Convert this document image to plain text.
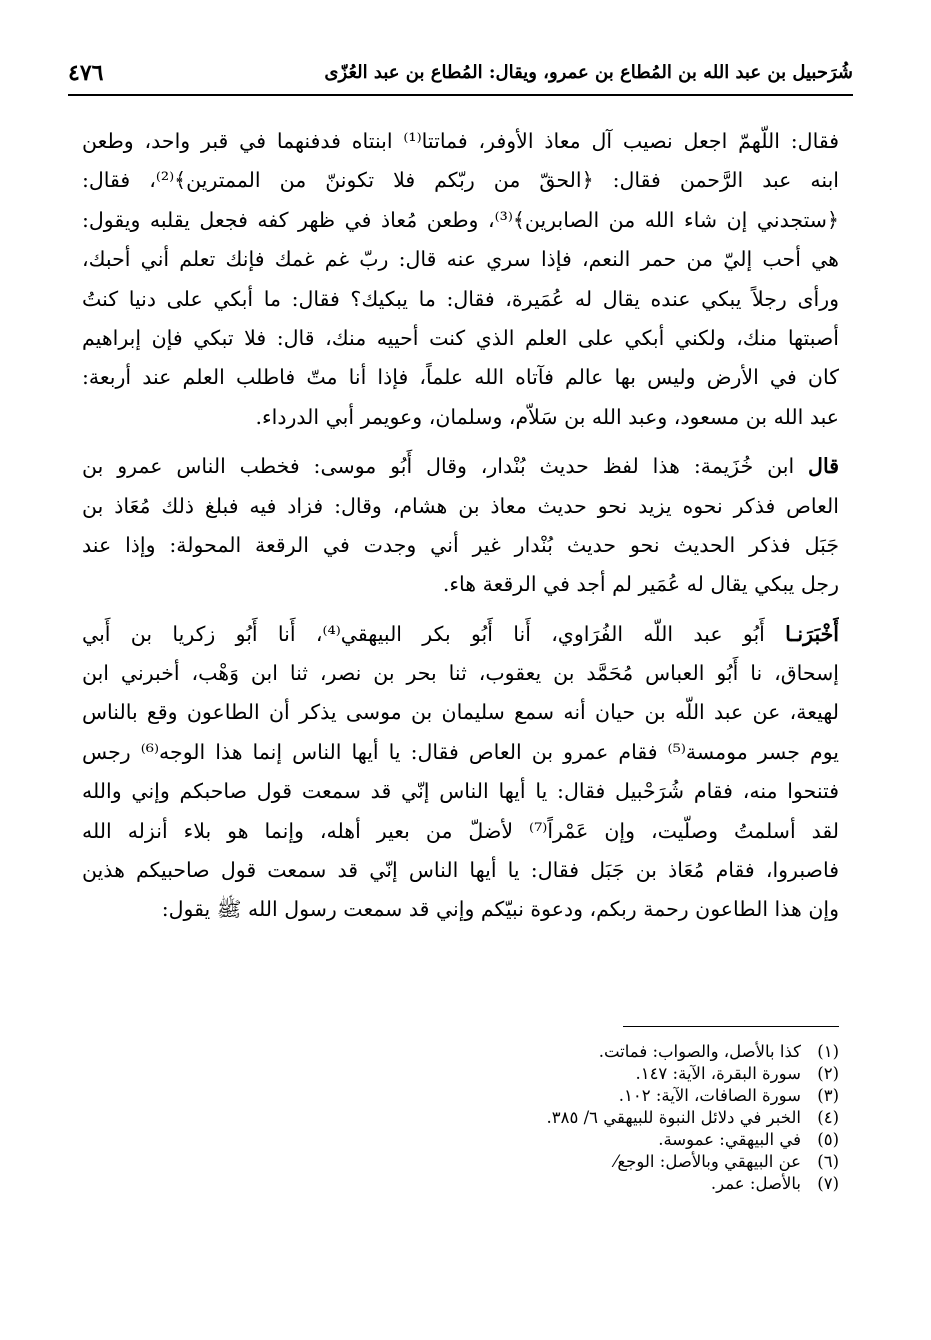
شُرَحبيل بن عبد الله بن المُطاع بن عمرو، ويقال: المُطاع بن عبد العُزّى
٤٧٦
فقال: اللّهمّ اجعل نصيب آل معاذ الأوفر، فماتتا⁽¹⁾ ابنتاه فدفنهما في قبر واحد، وطعن
ابنه عبد الرَّحمن فقال: ﴿الحقّ من ربّكم فلا تكوننّ من الممترين﴾⁽²⁾، فقال:
﴿ستجدني إن شاء الله من الصابرين﴾⁽³⁾، وطعن مُعاذ في ظهر كفه فجعل يقلبه ويقول:
هي أحب إليّ من حمر النعم، فإذا سري عنه قال: ربّ غم غمك فإنك تعلم أني أحبك،
ورأى رجلاً يبكي عنده يقال له عُمَيرة، فقال: ما يبكيك؟ فقال: ما أبكي على دنيا كنتُ
أصبتها منك، ولكني أبكي على العلم الذي كنت أحييه منك، قال: فلا تبكي فإن إبراهيم
كان في الأرض وليس بها عالم فآتاه الله علماً، فإذا أنا متّ فاطلب العلم عند أربعة:
عبد الله بن مسعود، وعبد الله بن سَلاّم، وسلمان، وعويمر أبي الدرداء.
قال ابن خُزَيمة: هذا لفظ حديث بُنْدار، وقال أَبُو موسى: فخطب الناس عمرو بن
العاص فذكر نحوه يزيد نحو حديث معاذ بن هشام، وقال: فزاد فيه فبلغ ذلك مُعَاذ بن
جَبَل فذكر الحديث نحو حديث بُنْدار غير أني وجدت في الرقعة المحولة: وإذا عند
رجل يبكي يقال له عُمَير لم أجد في الرقعة هاء.
أَخْبَرَنـا أَبُو عبد اللّه الفُرَاوي، أَنا أَبُو بكر البيهقي⁽⁴⁾، أَنا أَبُو زكريا بن أَبي
إسحاق، نا أَبُو العباس مُحَمَّد بن يعقوب، ثنا بحر بن نصر، ثنا ابن وَهْب، أخبرني ابن
لهيعة، عن عبد اللّه بن حيان أنه سمع سليمان بن موسى يذكر أن الطاعون وقع بالناس
يوم جسر مومسة⁽⁵⁾ فقام عمرو بن العاص فقال: يا أيها الناس إنما هذا الوجه⁽⁶⁾ رجس
فتنحوا منه، فقام شُرَحْبيل فقال: يا أيها الناس إنّي قد سمعت قول صاحبكم وإني والله
لقد أسلمتُ وصلّيت، وإن عَمْراً⁽⁷⁾ لأضلّ من بعير أهله، وإنما هو بلاء أنزله الله
فاصبروا، فقام مُعَاذ بن جَبَل فقال: يا أيها الناس إنّي قد سمعت قول صاحبيكم هذين
وإن هذا الطاعون رحمة ربكم، ودعوة نبيّكم وإني قد سمعت رسول الله ﷺ يقول:
(١)كذا بالأصل، والصواب: فماتت.
(٢)سورة البقرة، الآية: ١٤٧.
(٣)سورة الصافات، الآية: ١٠٢.
(٤)الخبر في دلائل النبوة للبيهقي ٦/ ٣٨٥.
(٥)في البيهقي: عموسة.
(٦)عن البيهقي وبالأصل: الوجع⁄
(٧)بالأصل: عمر.
